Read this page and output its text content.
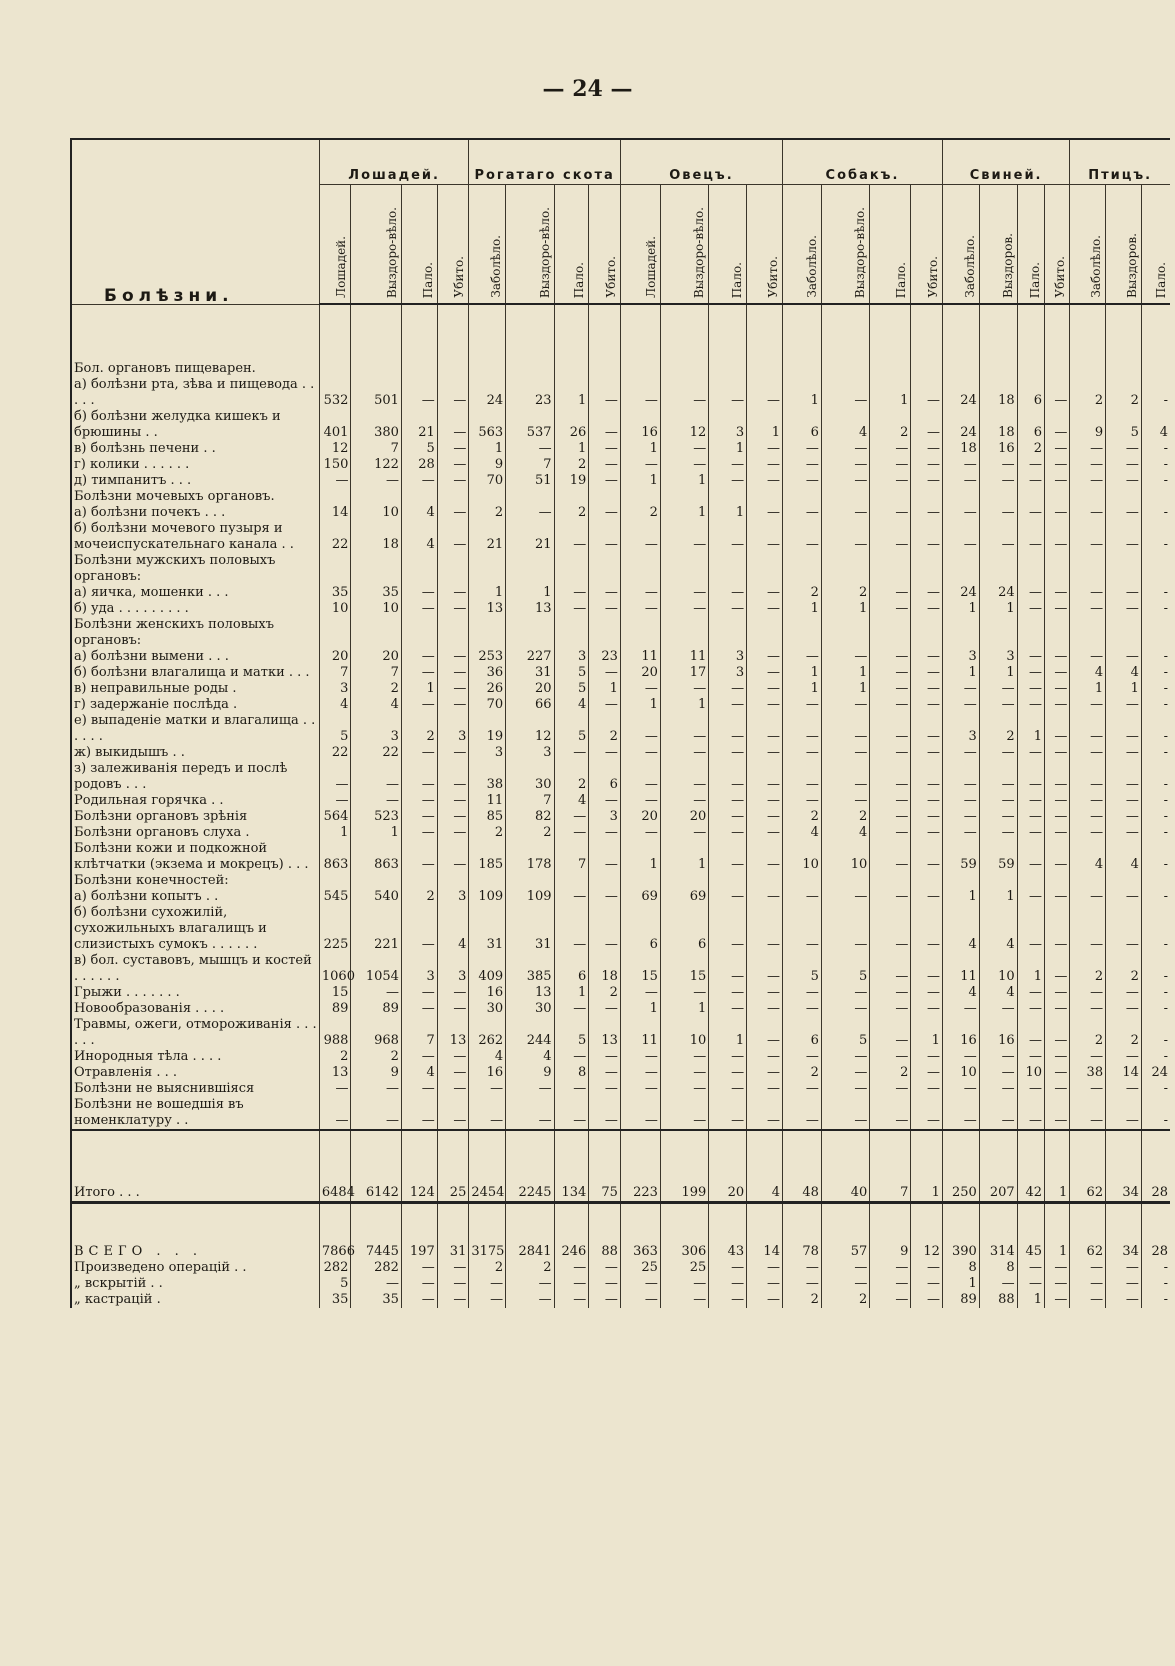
— 24 —
Болѣзни.	Лошадей.				Рогатаго скота				Овецъ.				Собакъ.				Свиней.				Птицъ.		
	Лошадей.	Выздоро-вѣло.	Пало.	Убито.	Заболѣло.	Выздоро-вѣло.	Пало.	Убито.	Лошадей.	Выздоро-вѣло.	Пало.	Убито.	Заболѣло.	Выздоро-вѣло.	Пало.	Убито.	Заболѣло.	Выздоров.	Пало.	Убито.	Заболѣло.	Выздоров.	Пало.

Бол. органовъ пищеварен.																							
а) болѣзни рта, зѣва и пищевода . . . . .	532	501	—	—	24	23	1	—	—	—	—	—	1	—	1	—	24	18	6	—	2	2	-
б) болѣзни желудка кишекъ и брюшины . .	401	380	21	—	563	537	26	—	16	12	3	1	6	4	2	—	24	18	6	—	9	5	4
в) болѣзнь печени . .	12	7	5	—	1	—	1	—	1	—	1	—	—	—	—	—	18	16	2	—	—	—	-
г) колики . . . . . .	150	122	28	—	9	7	2	—	—	—	—	—	—	—	—	—	—	—	—	—	—	—	-
д) тимпанитъ . . .	—	—	—	—	70	51	19	—	1	1	—	—	—	—	—	—	—	—	—	—	—	—	-
Болѣзни мочевыхъ органовъ.																							
а) болѣзни почекъ . . .	14	10	4	—	2	—	2	—	2	1	1	—	—	—	—	—	—	—	—	—	—	—	-
б) болѣзни мочевого пузыря и мочеиспускательнаго канала . .	22	18	4	—	21	21	—	—	—	—	—	—	—	—	—	—	—	—	—	—	—	—	-
Болѣзни мужскихъ половыхъ органовъ:																							
а) яичка, мошенки . . .	35	35	—	—	1	1	—	—	—	—	—	—	2	2	—	—	24	24	—	—	—	—	-
б) уда . . . . . . . . .	10	10	—	—	13	13	—	—	—	—	—	—	1	1	—	—	1	1	—	—	—	—	-
Болѣзни женскихъ половыхъ органовъ:																							
а) болѣзни вымени . . .	20	20	—	—	253	227	3	23	11	11	3	—	—	—	—	—	3	3	—	—	—	—	-
б) болѣзни влагалища и матки . . .	7	7	—	—	36	31	5	—	20	17	3	—	1	1	—	—	1	1	—	—	4	4	-
в) неправильные роды .	3	2	1	—	26	20	5	1	—	—	—	—	1	1	—	—	—	—	—	—	1	1	-
г) задержаніе послѣда .	4	4	—	—	70	66	4	—	1	1	—	—	—	—	—	—	—	—	—	—	—	—	-
е) выпаденіе матки и влагалища . . . . . .	5	3	2	3	19	12	5	2	—	—	—	—	—	—	—	—	3	2	1	—	—	—	-
ж) выкидышъ . .	22	22	—	—	3	3	—	—	—	—	—	—	—	—	—	—	—	—	—	—	—	—	-
з) залеживанія передъ и послѣ родовъ . . .	—	—	—	—	38	30	2	6	—	—	—	—	—	—	—	—	—	—	—	—	—	—	-
Родильная горячка . .	—	—	—	—	11	7	4	—	—	—	—	—	—	—	—	—	—	—	—	—	—	—	-
Болѣзни органовъ зрѣнія	564	523	—	—	85	82	—	3	20	20	—	—	2	2	—	—	—	—	—	—	—	—	-
Болѣзни органовъ слуха .	1	1	—	—	2	2	—	—	—	—	—	—	4	4	—	—	—	—	—	—	—	—	-
Болѣзни кожи и подкожной клѣтчатки (экзема и мокрецъ) . . .	863	863	—	—	185	178	7	—	1	1	—	—	10	10	—	—	59	59	—	—	4	4	-
Болѣзни конечностей:																							
а) болѣзни копытъ . .	545	540	2	3	109	109	—	—	69	69	—	—	—	—	—	—	1	1	—	—	—	—	-
б) болѣзни сухожилій, сухожильныхъ влагалищъ и слизистыхъ сумокъ . . . . . .	225	221	—	4	31	31	—	—	6	6	—	—	—	—	—	—	4	4	—	—	—	—	-
в) бол. суставовъ, мышцъ и костей . . . . . .	1060	1054	3	3	409	385	6	18	15	15	—	—	5	5	—	—	11	10	1	—	2	2	-
Грыжи . . . . . . .	15	—	—	—	16	13	1	2	—	—	—	—	—	—	—	—	4	4	—	—	—	—	-
Новообразованія . . . .	89	89	—	—	30	30	—	—	1	1	—	—	—	—	—	—	—	—	—	—	—	—	-
Травмы, ожеги, отмороживанія . . . . . .	988	968	7	13	262	244	5	13	11	10	1	—	6	5	—	1	16	16	—	—	2	2	-
Инородныя тѣла . . . .	2	2	—	—	4	4	—	—	—	—	—	—	—	—	—	—	—	—	—	—	—	—	-
Отравленія . . .	13	9	4	—	16	9	8	—	—	—	—	—	2	—	2	—	10	—	10	—	38	14	24
Болѣзни не выяснившіяся	—	—	—	—	—	—	—	—	—	—	—	—	—	—	—	—	—	—	—	—	—	—	-
Болѣзни не вошедшія въ номенклатуру . .	—	—	—	—	—	—	—	—	—	—	—	—	—	—	—	—	—	—	—	—	—	—	-
Итого . . .	6484	6142	124	25	2454	2245	134	75	223	199	20	4	48	40	7	1	250	207	42	1	62	34	28
ВСЕГО . . .	7866	7445	197	31	3175	2841	246	88	363	306	43	14	78	57	9	12	390	314	45	1	62	34	28
Произведено операцій . .	282	282	—	—	2	2	—	—	25	25	—	—	—	—	—	—	8	8	—	—	—	—	-
„ вскрытій . .	5	—	—	—	—	—	—	—	—	—	—	—	—	—	—	—	1	—	—	—	—	—	-
„ кастрацій .	35	35	—	—	—	—	—	—	—	—	—	—	2	2	—	—	89	88	1	—	—	—	-
